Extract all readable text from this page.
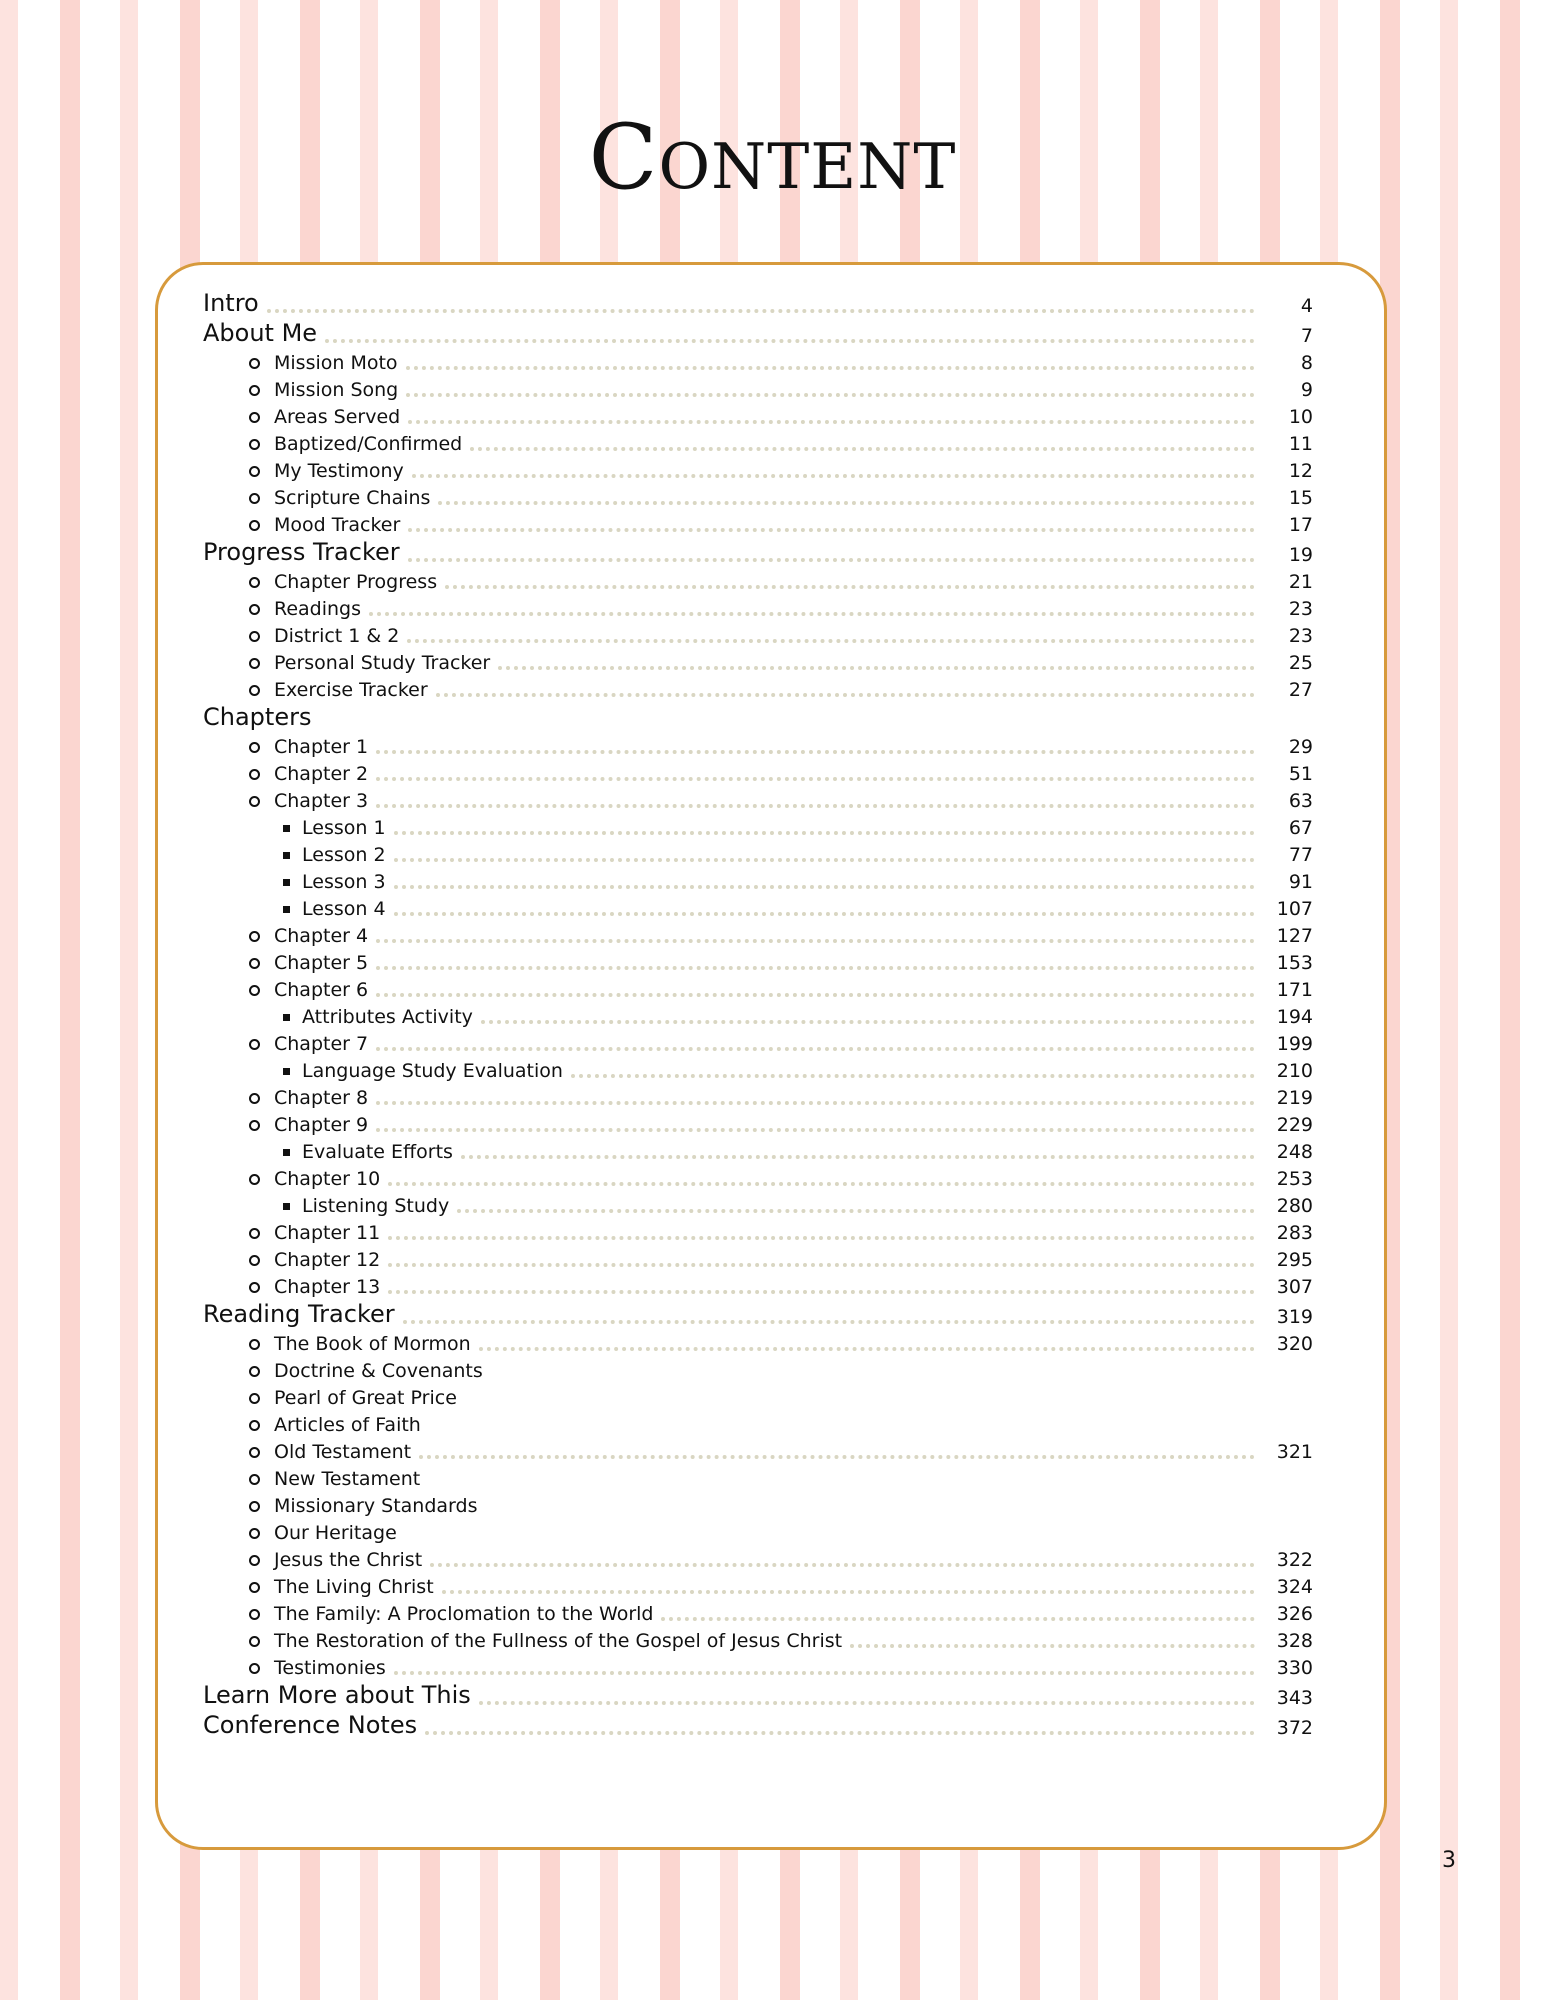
Content
Intro	4
About Me	7
Mission Moto	8
Mission Song	9
Areas Served	10
Baptized/Confirmed	11
My Testimony	12
Scripture Chains	15
Mood Tracker	17
Progress Tracker	19
Chapter Progress	21
Readings	23
District 1 & 2	23
Personal Study Tracker	25
Exercise Tracker	27
Chapters
Chapter 1	29
Chapter 2	51
Chapter 3	63
Lesson 1	67
Lesson 2	77
Lesson 3	91
Lesson 4	107
Chapter 4	127
Chapter 5	153
Chapter 6	171
Attributes Activity	194
Chapter 7	199
Language Study Evaluation	210
Chapter 8	219
Chapter 9	229
Evaluate Efforts	248
Chapter 10	253
Listening Study	280
Chapter 11	283
Chapter 12	295
Chapter 13	307
Reading Tracker	319
The Book of Mormon	320
Doctrine & Covenants
Pearl of Great Price
Articles of Faith
Old Testament	321
New Testament
Missionary Standards
Our Heritage
Jesus the Christ	322
The Living Christ	324
The Family: A Proclomation to the World	326
The Restoration of the Fullness of the Gospel of Jesus Christ	328
Testimonies	330
Learn More about This	343
Conference Notes	372
3
